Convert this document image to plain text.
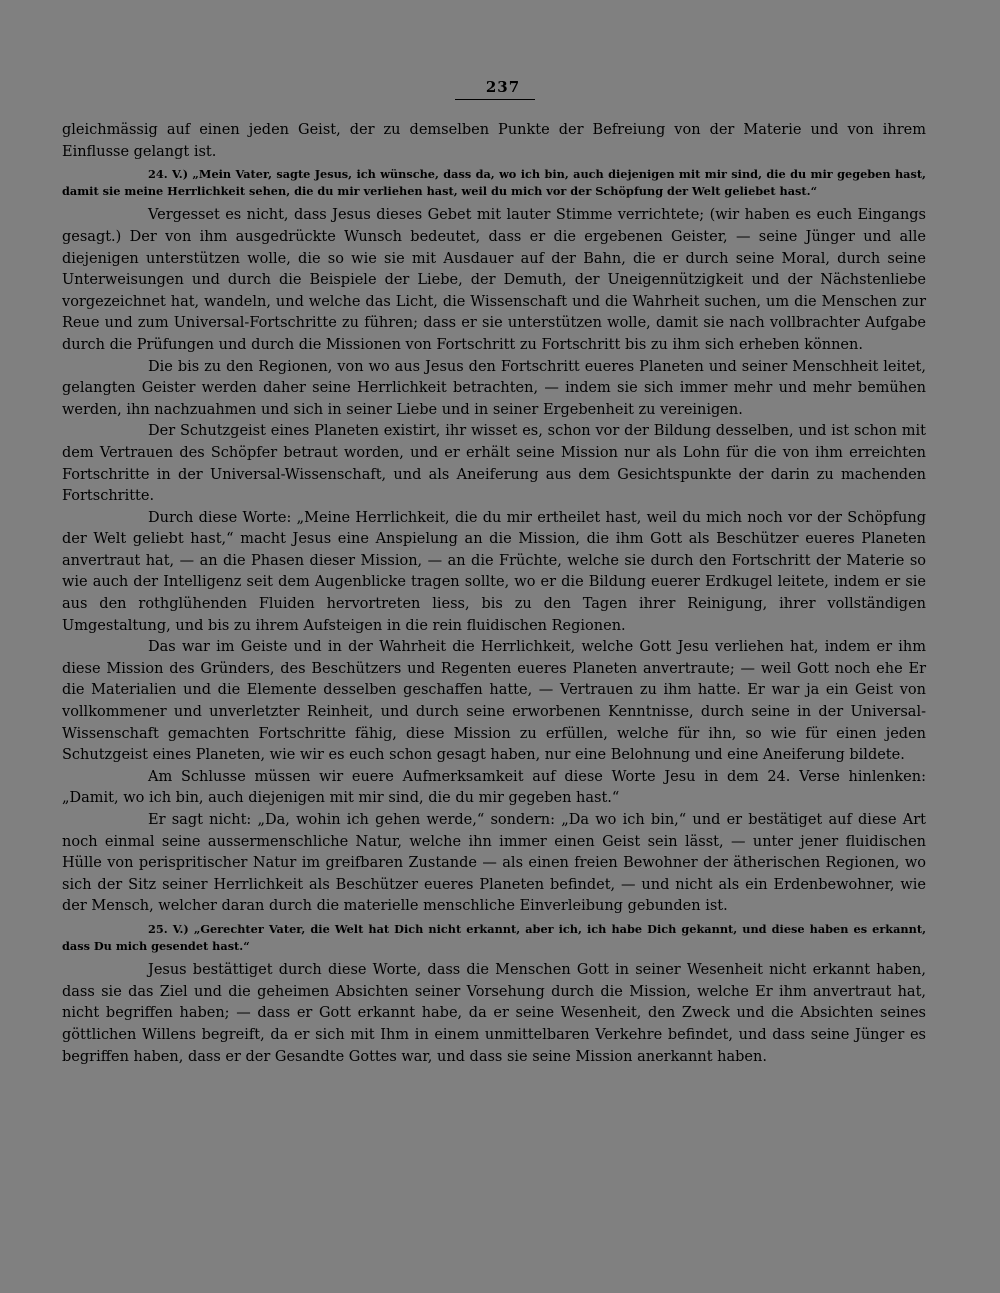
237

gleichmässig auf einen jeden Geist, der zu demselben Punkte der Befreiung von der Materie und von ihrem Einflusse gelangt ist.

24. V.) „Mein Vater, sagte Jesus, ich wünsche, dass da, wo ich bin, auch diejenigen mit mir sind, die du mir gegeben hast, damit sie meine Herrlichkeit sehen, die du mir verliehen hast, weil du mich vor der Schöpfung der Welt geliebet hast.“

Vergesset es nicht, dass Jesus dieses Gebet mit lauter Stimme verrichtete; (wir haben es euch Eingangs gesagt.) Der von ihm ausgedrückte Wunsch bedeutet, dass er die ergebenen Geister, — seine Jünger und alle diejenigen unterstützen wolle, die so wie sie mit Ausdauer auf der Bahn, die er durch seine Moral, durch seine Unterweisungen und durch die Beispiele der Liebe, der Demuth, der Uneigennützigkeit und der Nächstenliebe vorgezeichnet hat, wandeln, und welche das Licht, die Wissenschaft und die Wahrheit suchen, um die Menschen zur Reue und zum Universal-Fortschritte zu führen; dass er sie unterstützen wolle, damit sie nach vollbrachter Aufgabe durch die Prüfungen und durch die Missionen von Fortschritt zu Fortschritt bis zu ihm sich erheben können.

Die bis zu den Regionen, von wo aus Jesus den Fortschritt eueres Planeten und seiner Menschheit leitet, gelangten Geister werden daher seine Herrlichkeit betrachten, — indem sie sich immer mehr und mehr bemühen werden, ihn nachzuahmen und sich in seiner Liebe und in seiner Ergebenheit zu vereinigen.

Der Schutzgeist eines Planeten existirt, ihr wisset es, schon vor der Bildung desselben, und ist schon mit dem Vertrauen des Schöpfer betraut worden, und er erhält seine Mission nur als Lohn für die von ihm erreichten Fortschritte in der Universal-Wissenschaft, und als Aneiferung aus dem Gesichtspunkte der darin zu machenden Fortschritte.

Durch diese Worte: „Meine Herrlichkeit, die du mir ertheilet hast, weil du mich noch vor der Schöpfung der Welt geliebt hast,“ macht Jesus eine Anspielung an die Mission, die ihm Gott als Beschützer eueres Planeten anvertraut hat, — an die Phasen dieser Mission, — an die Früchte, welche sie durch den Fortschritt der Materie so wie auch der Intelligenz seit dem Augenblicke tragen sollte, wo er die Bildung euerer Erdkugel leitete, indem er sie aus den rothglühenden Fluiden hervortreten liess, bis zu den Tagen ihrer Reinigung, ihrer vollständigen Umgestaltung, und bis zu ihrem Aufsteigen in die rein fluidischen Regionen.

Das war im Geiste und in der Wahrheit die Herrlichkeit, welche Gott Jesu verliehen hat, indem er ihm diese Mission des Gründers, des Beschützers und Regenten eueres Planeten anvertraute; — weil Gott noch ehe Er die Materialien und die Elemente desselben geschaffen hatte, — Vertrauen zu ihm hatte. Er war ja ein Geist von vollkommener und unverletzter Reinheit, und durch seine erworbenen Kenntnisse, durch seine in der Universal-Wissenschaft gemachten Fortschritte fähig, diese Mission zu erfüllen, welche für ihn, so wie für einen jeden Schutzgeist eines Planeten, wie wir es euch schon gesagt haben, nur eine Belohnung und eine Aneiferung bildete.

Am Schlusse müssen wir euere Aufmerksamkeit auf diese Worte Jesu in dem 24. Verse hinlenken: „Damit, wo ich bin, auch diejenigen mit mir sind, die du mir gegeben hast.“

Er sagt nicht: „Da, wohin ich gehen werde,“ sondern: „Da wo ich bin,“ und er bestätiget auf diese Art noch einmal seine aussermenschliche Natur, welche ihn immer einen Geist sein lässt, — unter jener fluidischen Hülle von perispritischer Natur im greifbaren Zustande — als einen freien Bewohner der ätherischen Regionen, wo sich der Sitz seiner Herrlichkeit als Beschützer eueres Planeten befindet, — und nicht als ein Erdenbewohner, wie der Mensch, welcher daran durch die materielle menschliche Einverleibung gebunden ist.

25. V.) „Gerechter Vater, die Welt hat Dich nicht erkannt, aber ich, ich habe Dich gekannt, und diese haben es erkannt, dass Du mich gesendet hast.“

Jesus bestättiget durch diese Worte, dass die Menschen Gott in seiner Wesenheit nicht erkannt haben, dass sie das Ziel und die geheimen Absichten seiner Vorsehung durch die Mission, welche Er ihm anvertraut hat, nicht begriffen haben; — dass er Gott erkannt habe, da er seine Wesenheit, den Zweck und die Absichten seines göttlichen Willens begreift, da er sich mit Ihm in einem unmittelbaren Verkehre befindet, und dass seine Jünger es begriffen haben, dass er der Gesandte Gottes war, und dass sie seine Mission anerkannt haben.
